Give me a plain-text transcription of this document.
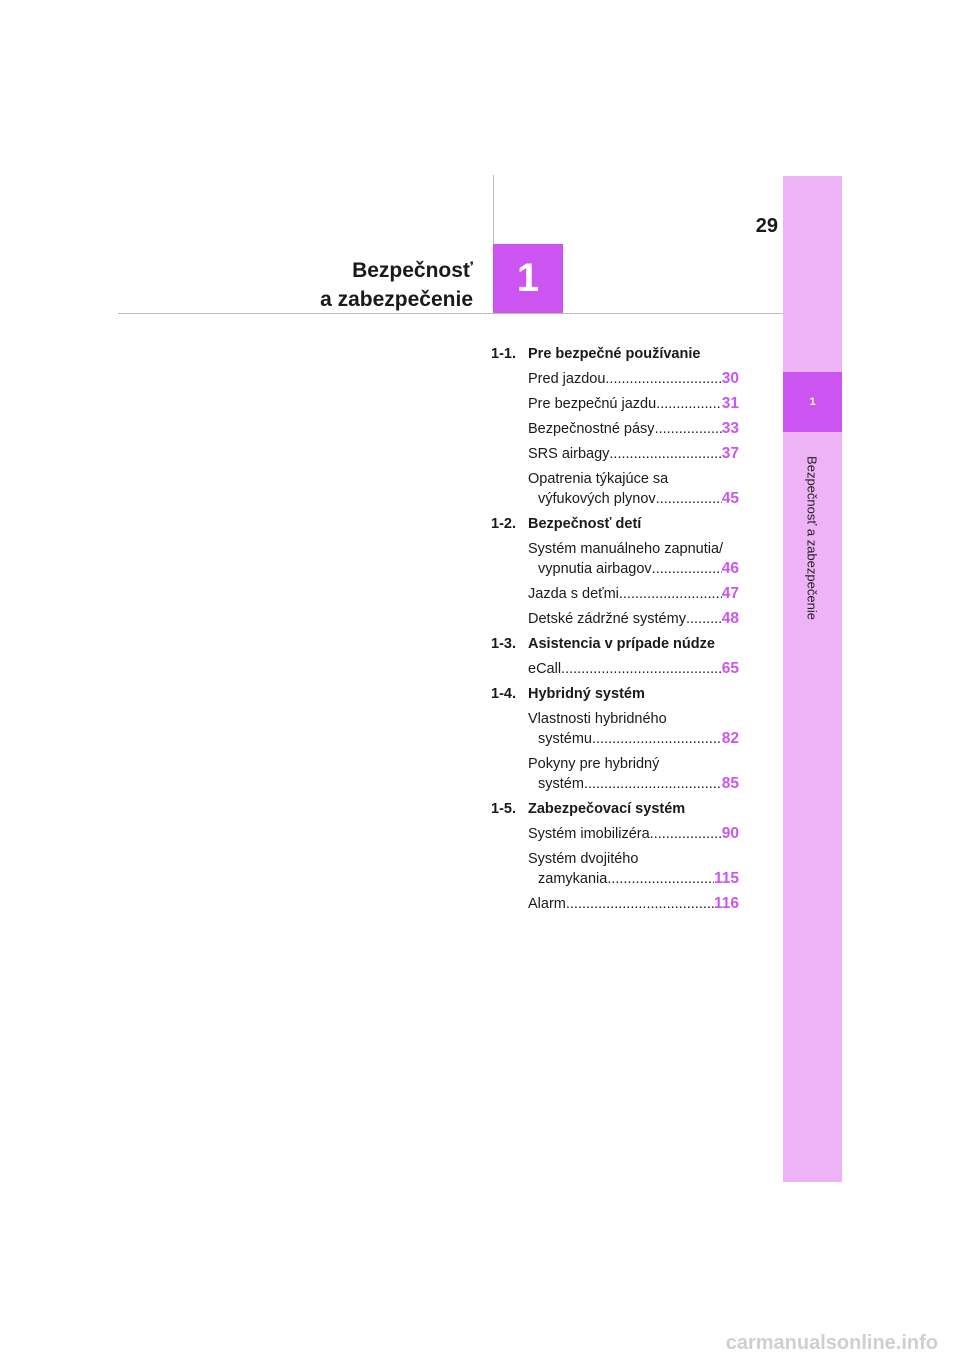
1
Bezpečnosť a zabezpečenie
29
Bezpečnosť
a zabezpečenie 1
1-1. Pre bezpečné používanie
Pred jazdou .....	30
Pre bezpečnú jazdu .....	31
Bezpečnostné pásy .....	33
SRS airbagy .....	37
Opatrenia týkajúce sa
výfukových plynov .....	45
1-2. Bezpečnosť detí
Systém manuálneho zapnutia/
vypnutia airbagov .....	46
Jazda s deťmi .....	47
Detské zádržné systémy ..... 48
1-3. Asistencia v prípade núdze
eCall .....	65
1-4. Hybridný systém
Vlastnosti hybridného
systému .....	82
Pokyny pre hybridný
systém .....	85
1-5. Zabezpečovací systém
Systém imobilizéra .....	90
Systém dvojitého
zamykania .....	115
Alarm .....	116
carmanualsonline.info
